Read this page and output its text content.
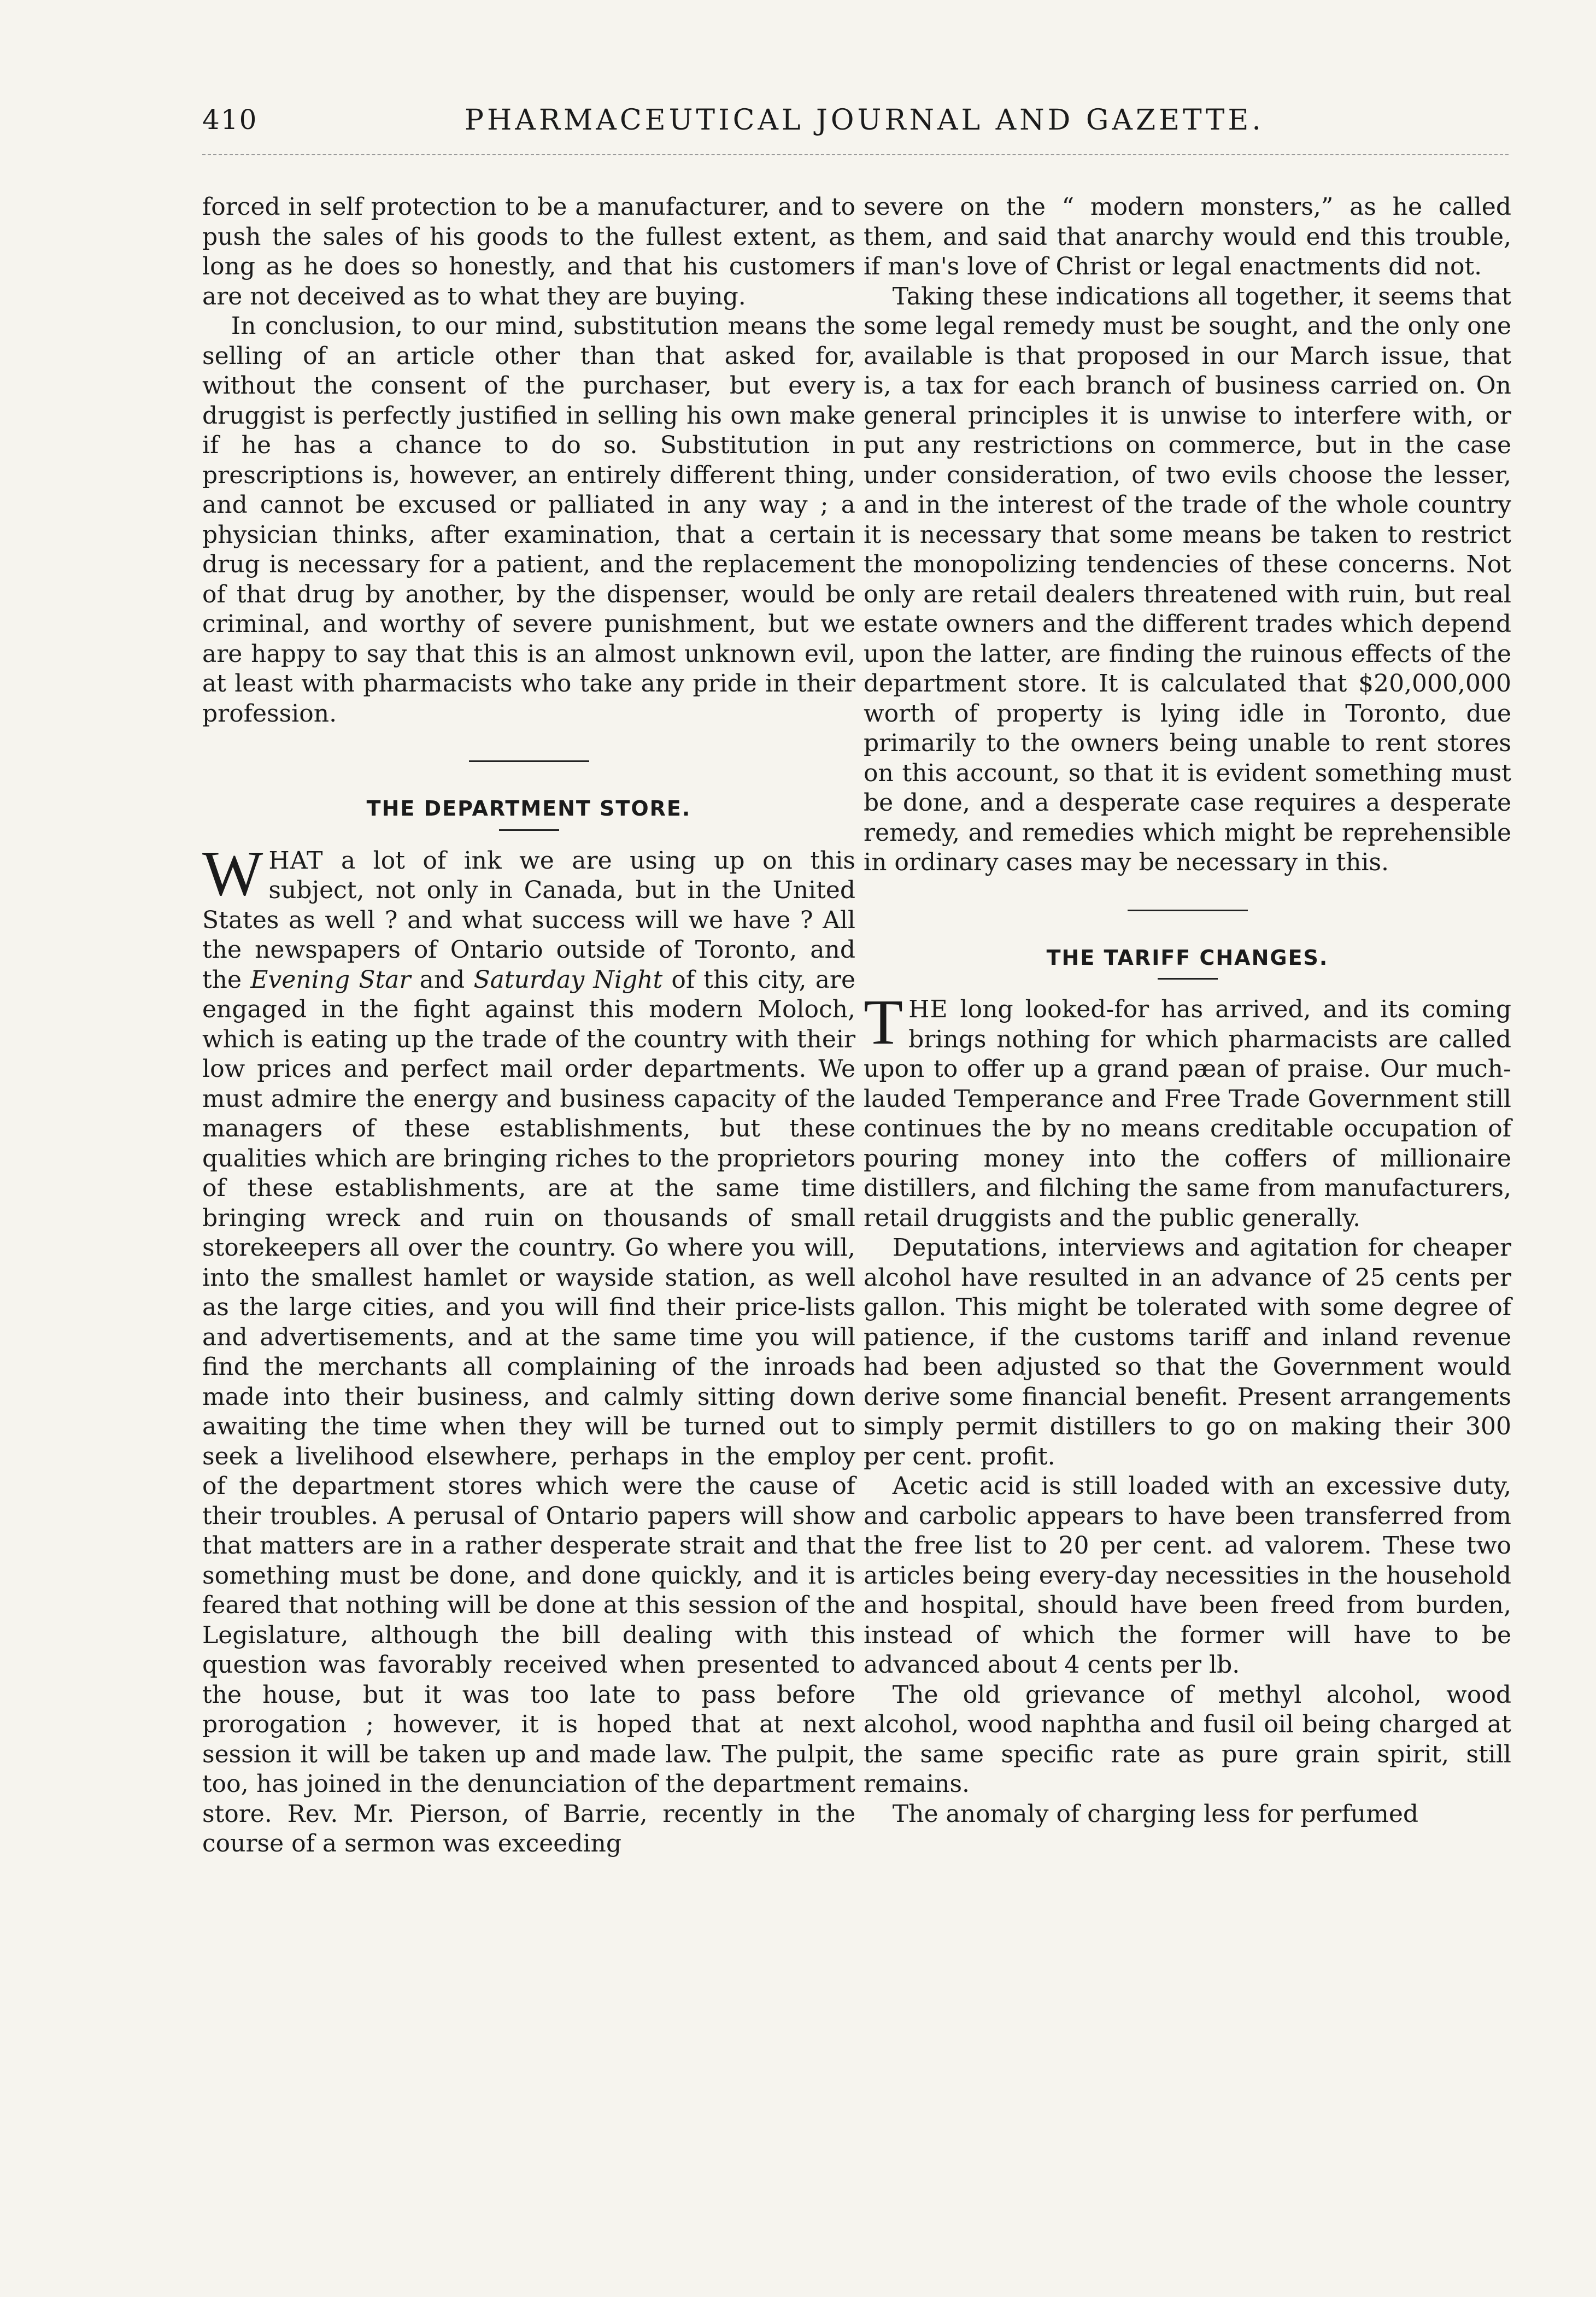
410	PHARMACEUTICAL JOURNAL AND GAZETTE.

forced in self protection to be a manufacturer, and to push the sales of his goods to the fullest extent, as long as he does so honestly, and that his customers are not deceived as to what they are buying.

In conclusion, to our mind, substitution means the selling of an article other than that asked for, without the consent of the purchaser, but every druggist is perfectly justified in selling his own make if he has a chance to do so. Substitution in prescriptions is, however, an entirely different thing, and cannot be excused or palliated in any way ; a physician thinks, after examination, that a certain drug is necessary for a patient, and the replacement of that drug by another, by the dispenser, would be criminal, and worthy of severe punishment, but we are happy to say that this is an almost unknown evil, at least with pharmacists who take any pride in their profession.

THE DEPARTMENT STORE.

WHAT a lot of ink we are using up on this subject, not only in Canada, but in the United States as well ? and what success will we have ? All the newspapers of Ontario outside of Toronto, and the Evening Star and Saturday Night of this city, are engaged in the fight against this modern Moloch, which is eating up the trade of the country with their low prices and perfect mail order departments. We must admire the energy and business capacity of the managers of these establishments, but these qualities which are bringing riches to the proprietors of these establishments, are at the same time bringing wreck and ruin on thousands of small storekeepers all over the country. Go where you will, into the smallest hamlet or wayside station, as well as the large cities, and you will find their price-lists and advertisements, and at the same time you will find the merchants all complaining of the inroads made into their business, and calmly sitting down awaiting the time when they will be turned out to seek a livelihood elsewhere, perhaps in the employ of the department stores which were the cause of their troubles. A perusal of Ontario papers will show that matters are in a rather desperate strait and that something must be done, and done quickly, and it is feared that nothing will be done at this session of the Legislature, although the bill dealing with this question was favorably received when presented to the house, but it was too late to pass before prorogation ; however, it is hoped that at next session it will be taken up and made law. The pulpit, too, has joined in the denunciation of the department store. Rev. Mr. Pierson, of Barrie, recently in the course of a sermon was exceeding

severe on the “ modern monsters,” as he called them, and said that anarchy would end this trouble, if man's love of Christ or legal enactments did not.

Taking these indications all together, it seems that some legal remedy must be sought, and the only one available is that proposed in our March issue, that is, a tax for each branch of business carried on. On general principles it is unwise to interfere with, or put any restrictions on commerce, but in the case under consideration, of two evils choose the lesser, and in the interest of the trade of the whole country it is necessary that some means be taken to restrict the monopolizing tendencies of these concerns. Not only are retail dealers threatened with ruin, but real estate owners and the different trades which depend upon the latter, are finding the ruinous effects of the department store. It is calculated that $20,000,000 worth of property is lying idle in Toronto, due primarily to the owners being unable to rent stores on this account, so that it is evident something must be done, and a desperate case requires a desperate remedy, and remedies which might be reprehensible in ordinary cases may be necessary in this.

THE TARIFF CHANGES.

THE long looked-for has arrived, and its coming brings nothing for which pharmacists are called upon to offer up a grand pæan of praise. Our much-lauded Temperance and Free Trade Government still continues the by no means creditable occupation of pouring money into the coffers of millionaire distillers, and filching the same from manufacturers, retail druggists and the public generally.

Deputations, interviews and agitation for cheaper alcohol have resulted in an advance of 25 cents per gallon. This might be tolerated with some degree of patience, if the customs tariff and inland revenue had been adjusted so that the Government would derive some financial benefit. Present arrangements simply permit distillers to go on making their 300 per cent. profit.

Acetic acid is still loaded with an excessive duty, and carbolic appears to have been transferred from the free list to 20 per cent. ad valorem. These two articles being every-day necessities in the household and hospital, should have been freed from burden, instead of which the former will have to be advanced about 4 cents per lb.

The old grievance of methyl alcohol, wood alcohol, wood naphtha and fusil oil being charged at the same specific rate as pure grain spirit, still remains.

The anomaly of charging less for perfumed
